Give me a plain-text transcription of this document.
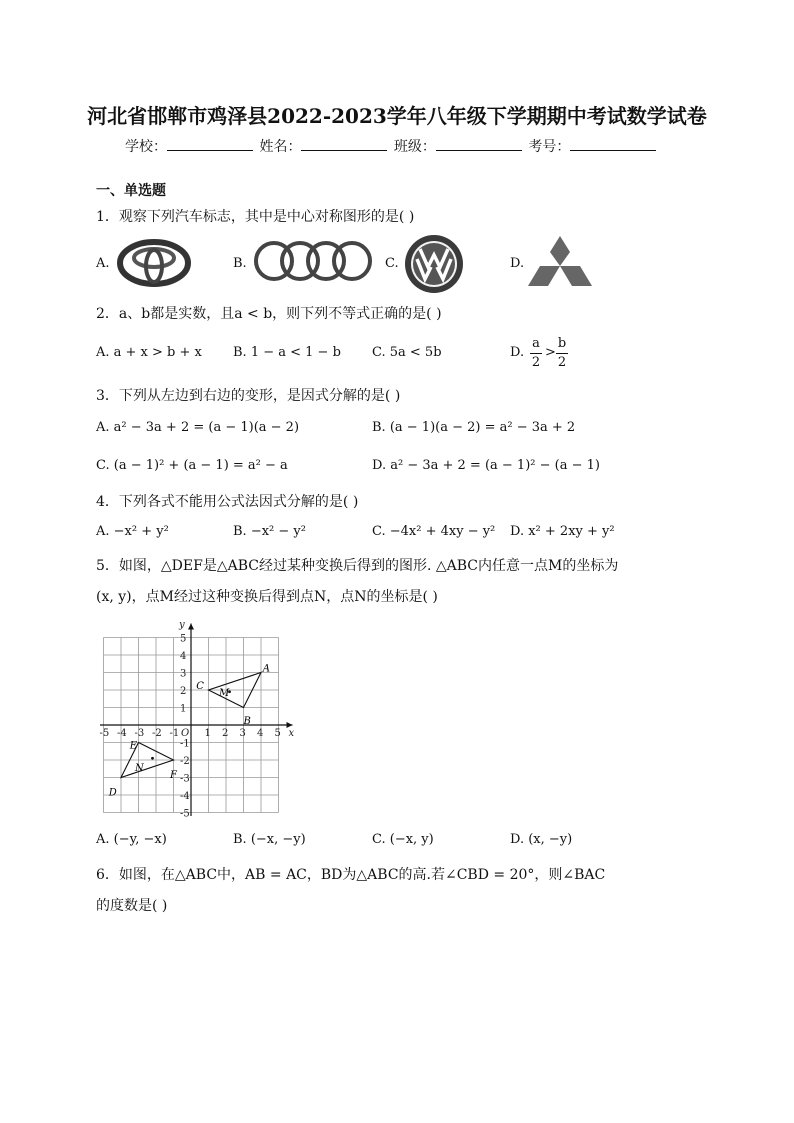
河北省邯郸市鸡泽县2022-2023学年八年级下学期期中考试数学试卷
学校：	姓名：	班级：	考号：
一、单选题
1．观察下列汽车标志，其中是中心对称图形的是( )
A.	B.	C.	D.
2．a、b都是实数，且a < b，则下列不等式正确的是( )
A. a + x > b + x B. 1 − a < 1 − b C. 5a < 5b	D.
a
2
>
b
2
3．下列从左边到右边的变形，是因式分解的是( )
A. a² − 3a + 2 = (a − 1)(a − 2)	B. (a − 1)(a − 2) = a² − 3a + 2
C. (a − 1)² + (a − 1) = a² − a	D. a² − 3a + 2 = (a − 1)² − (a − 1)
4．下列各式不能用公式法因式分解的是( )
A. −x² + y²	B. −x² − y²	C. −4x² + 4xy − y² D. x² + 2xy + y²
5．如图，△DEF是△ABC经过某种变换后得到的图形. △ABC内任意一点M的坐标为
(x, y)，点M经过这种变换后得到点N，点N的坐标是( )
-5 -4 -3 -2 -1	1 2 3 4 5
5
4
3
2
1
-1
-2
-3
-4
-5
x
y
O
A
B
C
M
D
E
F
N
A. (−y, −x)	B. (−x, −y)	C. (−x, y)	D. (x, −y)
6．如图，在△ABC中，AB = AC，BD为△ABC的高.若∠CBD = 20°，则∠BAC
的度数是( )
